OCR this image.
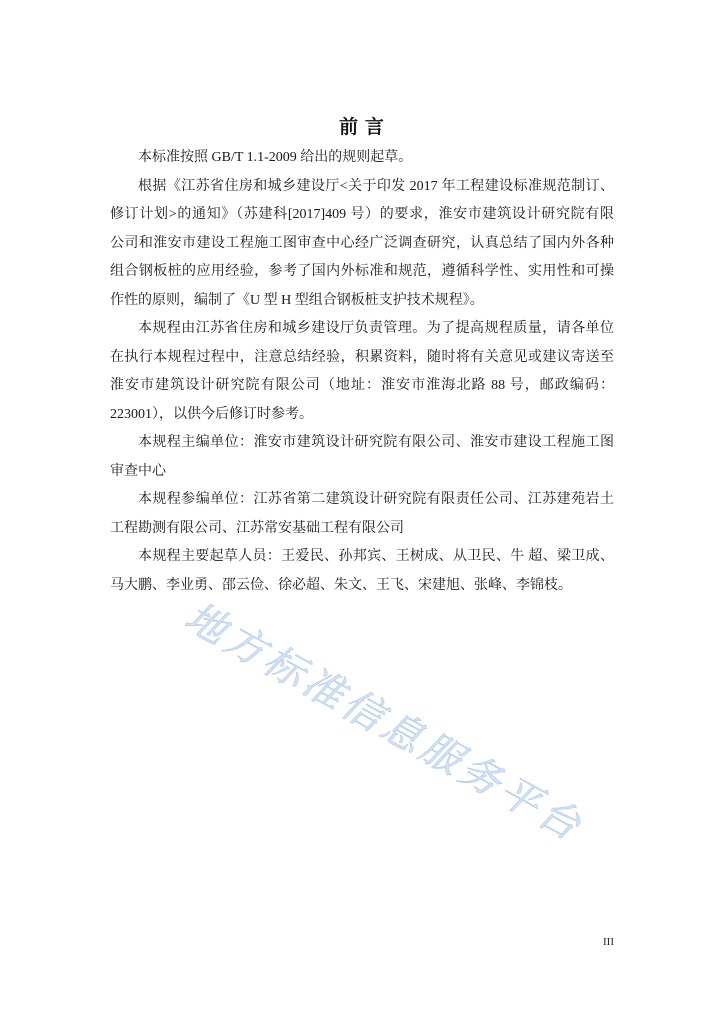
前 言
本标准按照 GB/T 1.1-2009 给出的规则起草。
根据《江苏省住房和城乡建设厅<关于印发 2017 年工程建设标准规范制订、
修订计划>的通知》（苏建科[2017]409 号）的要求，淮安市建筑设计研究院有限
公司和淮安市建设工程施工图审查中心经广泛调查研究，认真总结了国内外各种
组合钢板桩的应用经验，参考了国内外标准和规范，遵循科学性、实用性和可操
作性的原则，编制了《U 型 H 型组合钢板桩支护技术规程》。
本规程由江苏省住房和城乡建设厅负责管理。为了提高规程质量，请各单位
在执行本规程过程中，注意总结经验，积累资料，随时将有关意见或建议寄送至
淮安市建筑设计研究院有限公司（地址：淮安市淮海北路 88 号，邮政编码：
223001），以供今后修订时参考。
本规程主编单位：淮安市建筑设计研究院有限公司、淮安市建设工程施工图
审查中心
本规程参编单位：江苏省第二建筑设计研究院有限责任公司、江苏建苑岩土
工程勘测有限公司、江苏常安基础工程有限公司
本规程主要起草人员：王爱民、孙邦宾、王树成、从卫民、牛 超、梁卫成、
马大鹏、李业勇、邵云俭、徐必超、朱文、王飞、宋建旭、张峰、李锦枝。
地方标准信息服务平台
III
